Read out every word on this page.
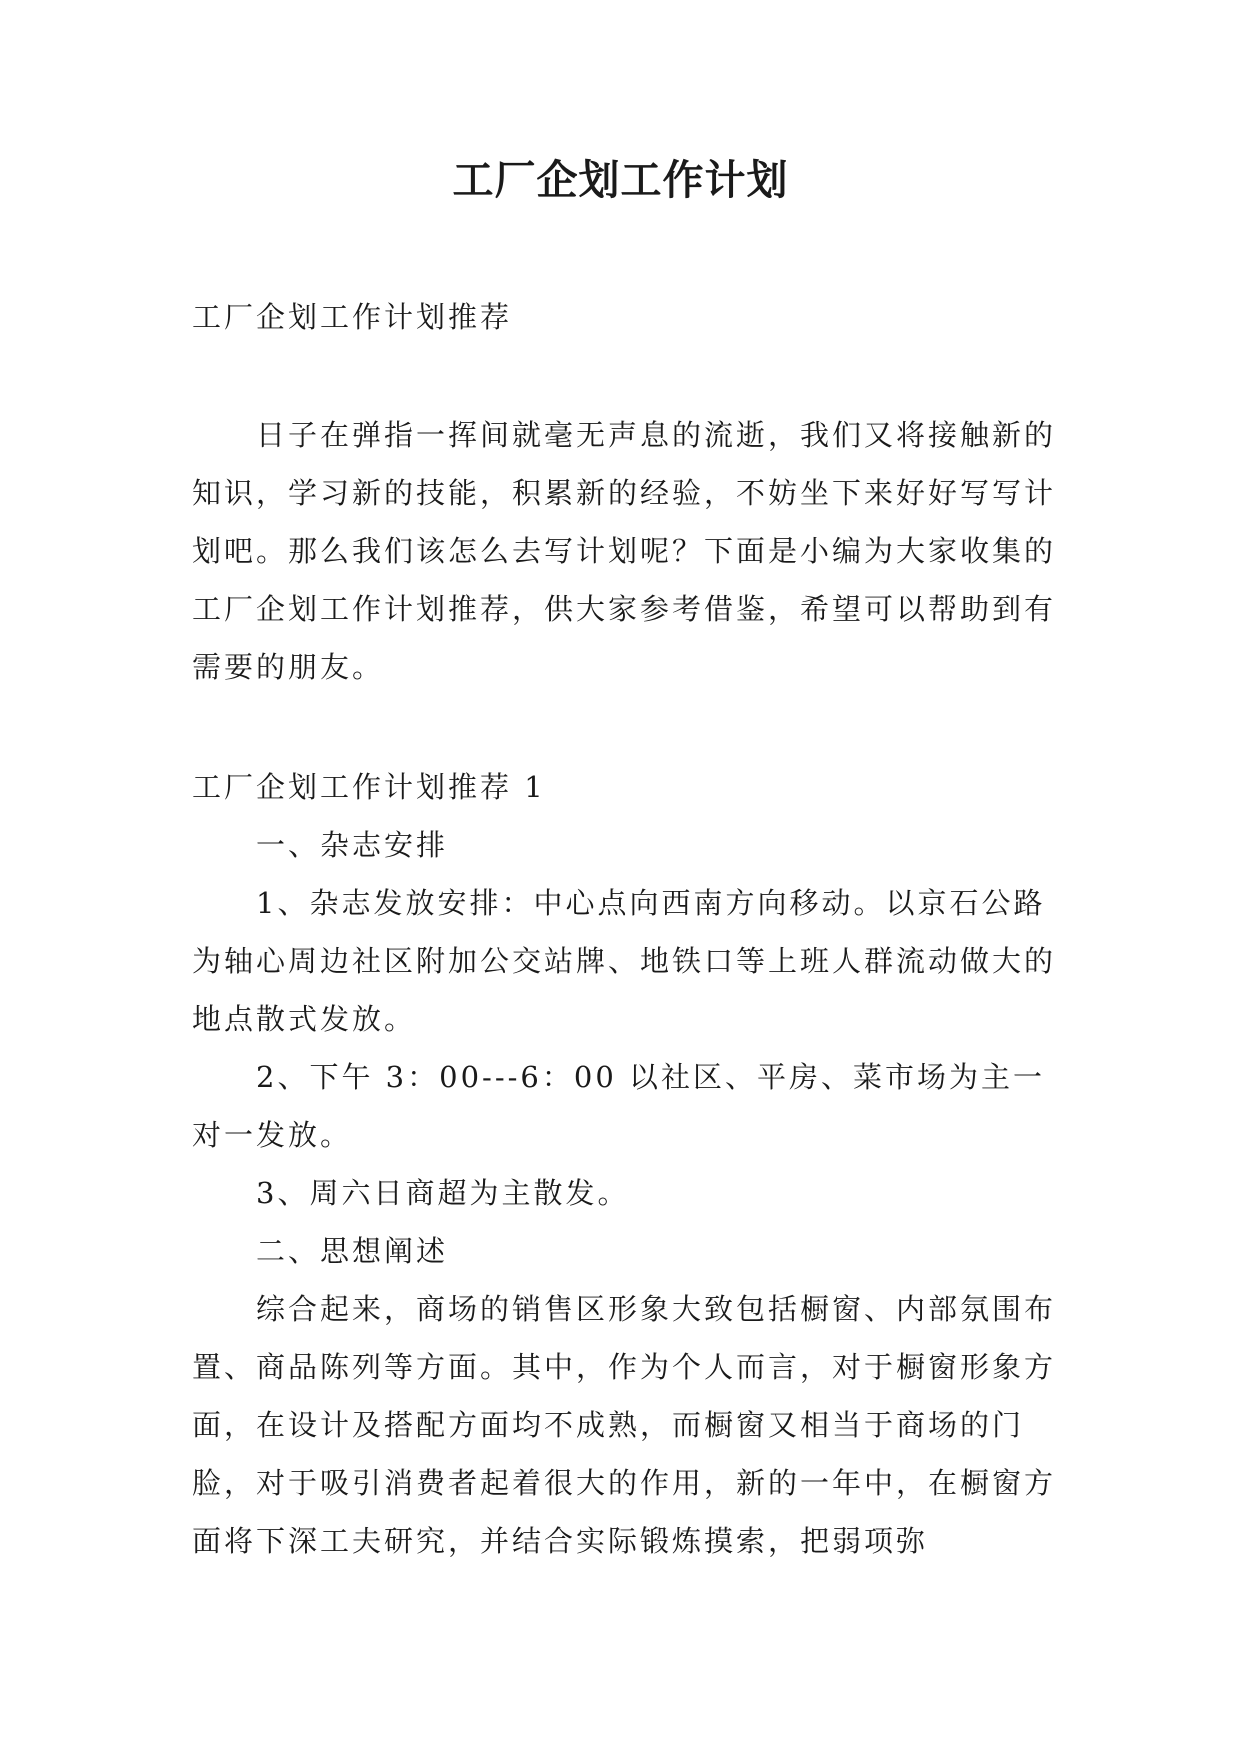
工厂企划工作计划

工厂企划工作计划推荐

日子在弹指一挥间就毫无声息的流逝，我们又将接触新的知识，学习新的技能，积累新的经验，不妨坐下来好好写写计划吧。那么我们该怎么去写计划呢？下面是小编为大家收集的工厂企划工作计划推荐，供大家参考借鉴，希望可以帮助到有需要的朋友。

工厂企划工作计划推荐 1

一、杂志安排

1、杂志发放安排：中心点向西南方向移动。以京石公路为轴心周边社区附加公交站牌、地铁口等上班人群流动做大的地点散式发放。

2、下午 3：00---6：00 以社区、平房、菜市场为主一对一发放。

3、周六日商超为主散发。

二、思想阐述

综合起来，商场的销售区形象大致包括橱窗、内部氛围布置、商品陈列等方面。其中，作为个人而言，对于橱窗形象方面，在设计及搭配方面均不成熟，而橱窗又相当于商场的门脸，对于吸引消费者起着很大的作用，新的一年中，在橱窗方面将下深工夫研究，并结合实际锻炼摸索，把弱项弥
